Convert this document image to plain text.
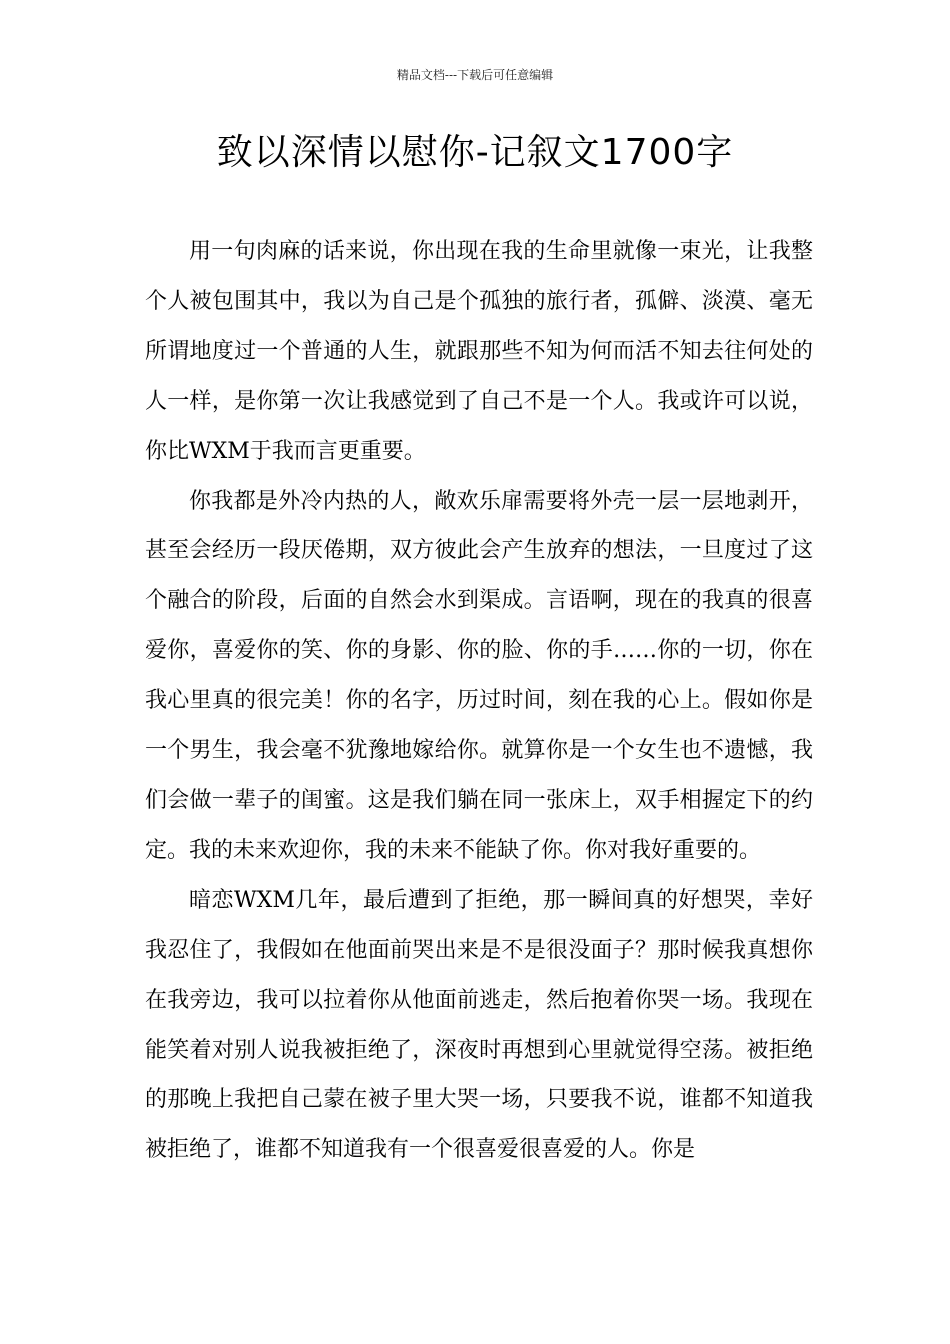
精品文档---下载后可任意编辑
致以深情以慰你-记叙文1700字

用一句肉麻的话来说，你出现在我的生命里就像一束光，让我整个人被包围其中，我以为自己是个孤独的旅行者，孤僻、淡漠、毫无所谓地度过一个普通的人生，就跟那些不知为何而活不知去往何处的人一样，是你第一次让我感觉到了自己不是一个人。我或许可以说，你比WXM于我而言更重要。

你我都是外冷内热的人，敞欢乐扉需要将外壳一层一层地剥开，甚至会经历一段厌倦期，双方彼此会产生放弃的想法，一旦度过了这个融合的阶段，后面的自然会水到渠成。言语啊，现在的我真的很喜爱你，喜爱你的笑、你的身影、你的脸、你的手……你的一切，你在我心里真的很完美！你的名字，历过时间，刻在我的心上。假如你是一个男生，我会毫不犹豫地嫁给你。就算你是一个女生也不遗憾，我们会做一辈子的闺蜜。这是我们躺在同一张床上，双手相握定下的约定。我的未来欢迎你，我的未来不能缺了你。你对我好重要的。

暗恋WXM几年，最后遭到了拒绝，那一瞬间真的好想哭，幸好我忍住了，我假如在他面前哭出来是不是很没面子？那时候我真想你在我旁边，我可以拉着你从他面前逃走，然后抱着你哭一场。我现在能笑着对别人说我被拒绝了，深夜时再想到心里就觉得空荡。被拒绝的那晚上我把自己蒙在被子里大哭一场，只要我不说，谁都不知道我被拒绝了，谁都不知道我有一个很喜爱很喜爱的人。你是
